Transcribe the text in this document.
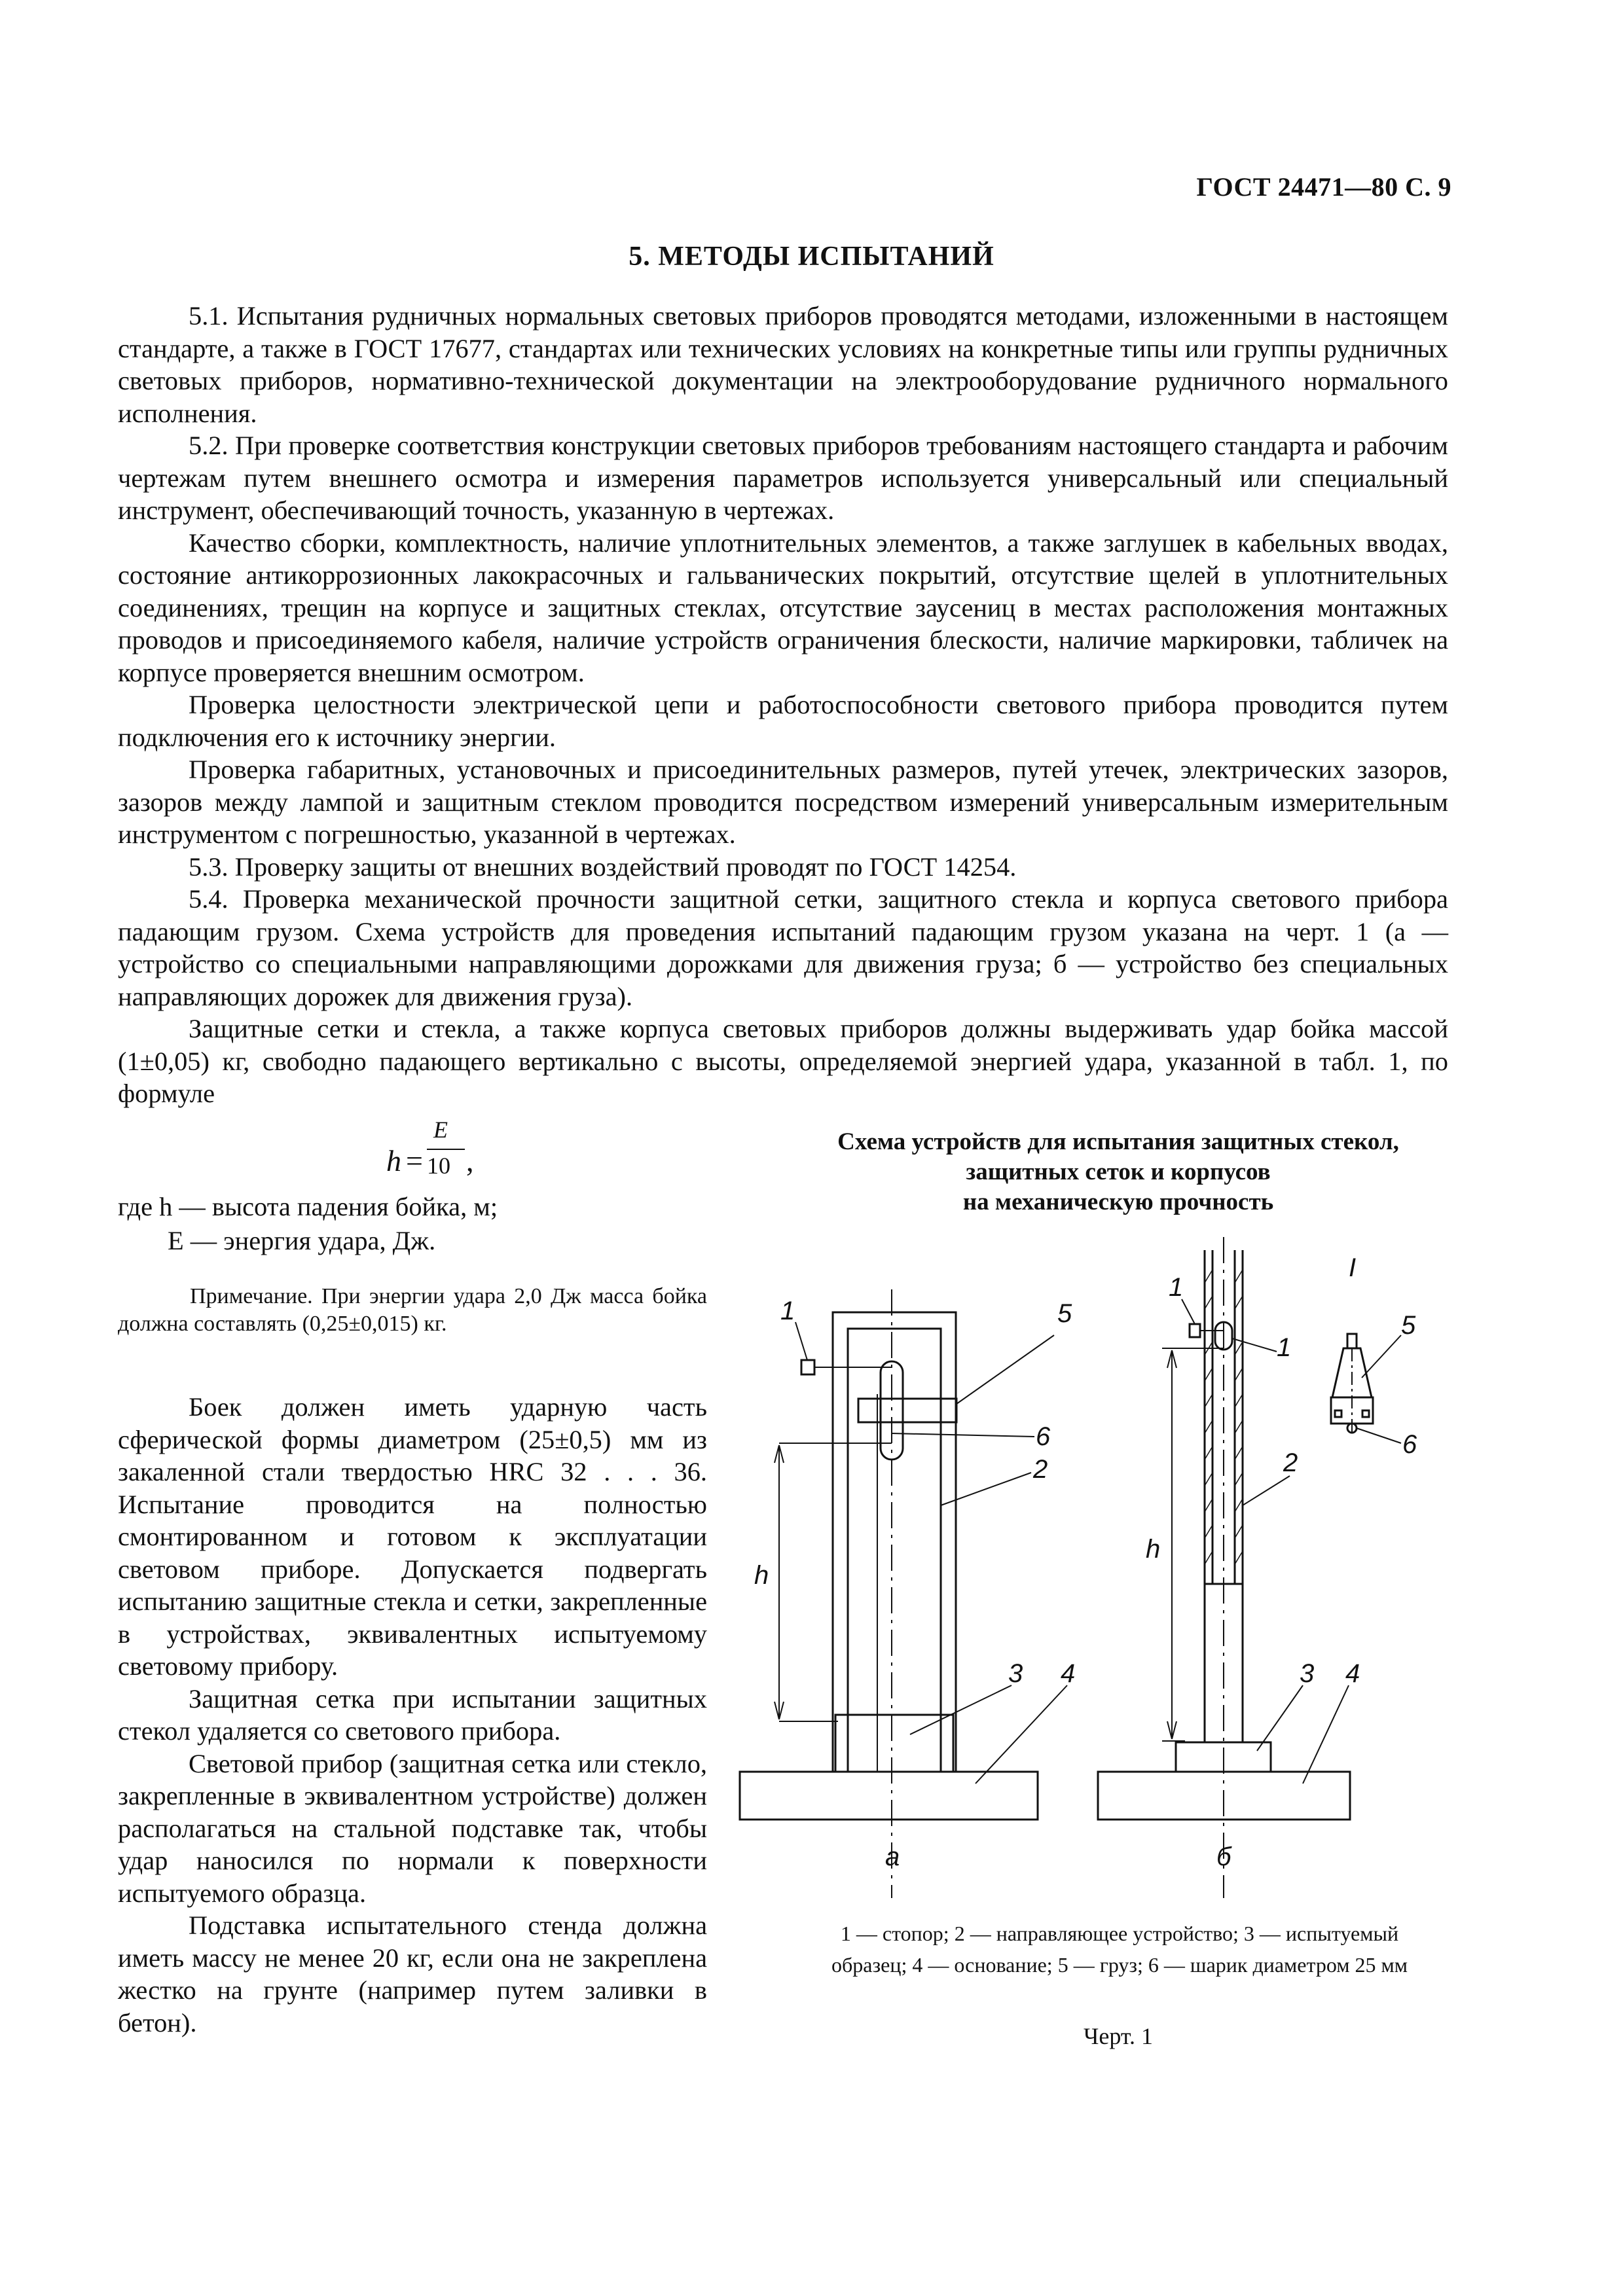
ГОСТ 24471—80 С. 9
5. МЕТОДЫ ИСПЫТАНИЙ

5.1. Испытания рудничных нормальных световых приборов проводятся методами, изложенными в настоящем стандарте, а также в ГОСТ 17677, стандартах или технических условиях на конкретные типы или группы рудничных световых приборов, нормативно-технической документации на электрооборудование рудничного нормального исполнения.

5.2. При проверке соответствия конструкции световых приборов требованиям настоящего стандарта и рабочим чертежам путем внешнего осмотра и измерения параметров используется универсальный или специальный инструмент, обеспечивающий точность, указанную в чертежах.

Качество сборки, комплектность, наличие уплотнительных элементов, а также заглушек в кабельных вводах, состояние антикоррозионных лакокрасочных и гальванических покрытий, отсутствие щелей в уплотнительных соединениях, трещин на корпусе и защитных стеклах, отсутствие заусениц в местах расположения монтажных проводов и присоединяемого кабеля, наличие устройств ограничения блескости, наличие маркировки, табличек на корпусе проверяется внешним осмотром.

Проверка целостности электрической цепи и работоспособности светового прибора проводится путем подключения его к источнику энергии.

Проверка габаритных, установочных и присоединительных размеров, путей утечек, электрических зазоров, зазоров между лампой и защитным стеклом проводится посредством измерений универсальным измерительным инструментом с погрешностью, указанной в чертежах.

5.3. Проверку защиты от внешних воздействий проводят по ГОСТ 14254.

5.4. Проверка механической прочности защитной сетки, защитного стекла и корпуса светового прибора падающим грузом. Схема устройств для проведения испытаний падающим грузом указана на черт. 1 (а — устройство со специальными направляющими дорожками для движения груза; б — устройство без специальных направляющих дорожек для движения груза).

Защитные сетки и стекла, а также корпуса световых приборов должны выдерживать удар бойка массой (1±0,05) кг, свободно падающего вертикально с высоты, определяемой энергией удара, указанной в табл. 1, по формуле

h =
E
10 ,
где h — высота падения бойка, м;
E — энергия удара, Дж.
Примечание. При энергии удара 2,0 Дж масса бойка должна составлять (0,25±0,015) кг.

Боек должен иметь ударную часть сферической формы диаметром (25±0,5) мм из закаленной стали твердостью HRC 32 . . . 36. Испытание проводится на полностью смонтированном и готовом к эксплуатации световом приборе. Допускается подвергать испытанию защитные стекла и сетки, закрепленные в устройствах, эквивалентных испытуемому световому прибору.

Защитная сетка при испытании защитных стекол удаляется со светового прибора.

Световой прибор (защитная сетка или стекло, закрепленные в эквивалентном устройстве) должен располагаться на стальной подставке так, чтобы удар наносился по нормали к поверхности испытуемого образца.

Подставка испытательного стенда должна иметь массу не менее 20 кг, если она не закреплена жестко на грунте (например путем заливки в бетон).

Схема устройств для испытания защитных стекол,
защитных сеток и корпусов
на механическую прочность
1	5
6
2
3 4
h
а
1
1
2
3 4
h
б
I
5
6
1 — стопор; 2 — направляющее устройство; 3 — испытуемый
образец; 4 — основание; 5 — груз; 6 — шарик диаметром 25 мм
Черт. 1
